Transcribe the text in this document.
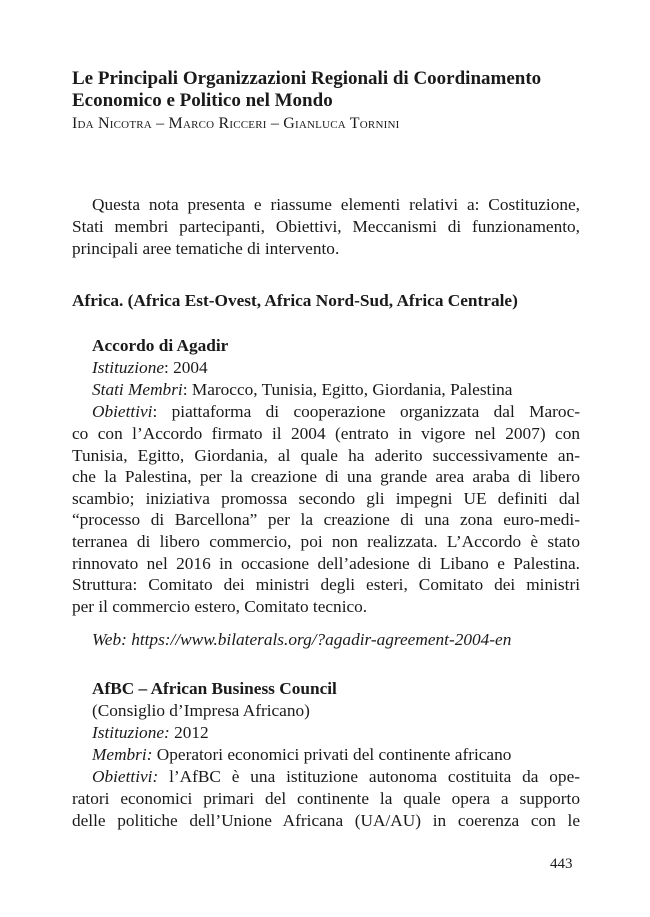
Le Principali Organizzazioni Regionali di Coordinamento
Economico e Politico nel Mondo
Ida Nicotra – Marco Ricceri – Gianluca Tornini
Questa nota presenta e riassume elementi relativi a: Costituzione,
Stati membri partecipanti, Obiettivi, Meccanismi di funzionamento,
principali aree tematiche di intervento.
Africa. (Africa Est-Ovest, Africa Nord-Sud, Africa Centrale)
Accordo di Agadir
Istituzione: 2004
Stati Membri: Marocco, Tunisia, Egitto, Giordania, Palestina
Obiettivi: piattaforma di cooperazione organizzata dal Maroc-
co con l’Accordo firmato il 2004 (entrato in vigore nel 2007) con
Tunisia, Egitto, Giordania, al quale ha aderito successivamente an-
che la Palestina, per la creazione di una grande area araba di libero
scambio; iniziativa promossa secondo gli impegni UE definiti dal
“processo di Barcellona” per la creazione di una zona euro-medi-
terranea di libero commercio, poi non realizzata. L’Accordo è stato
rinnovato nel 2016 in occasione dell’adesione di Libano e Palestina.
Struttura: Comitato dei ministri degli esteri, Comitato dei ministri
per il commercio estero, Comitato tecnico.
Web: https://www.bilaterals.org/?agadir-agreement-2004-en
AfBC – African Business Council
(Consiglio d’Impresa Africano)
Istituzione: 2012
Membri: Operatori economici privati del continente africano
Obiettivi: l’AfBC è una istituzione autonoma costituita da ope-
ratori economici primari del continente la quale opera a supporto
delle politiche dell’Unione Africana (UA/AU) in coerenza con le
443
